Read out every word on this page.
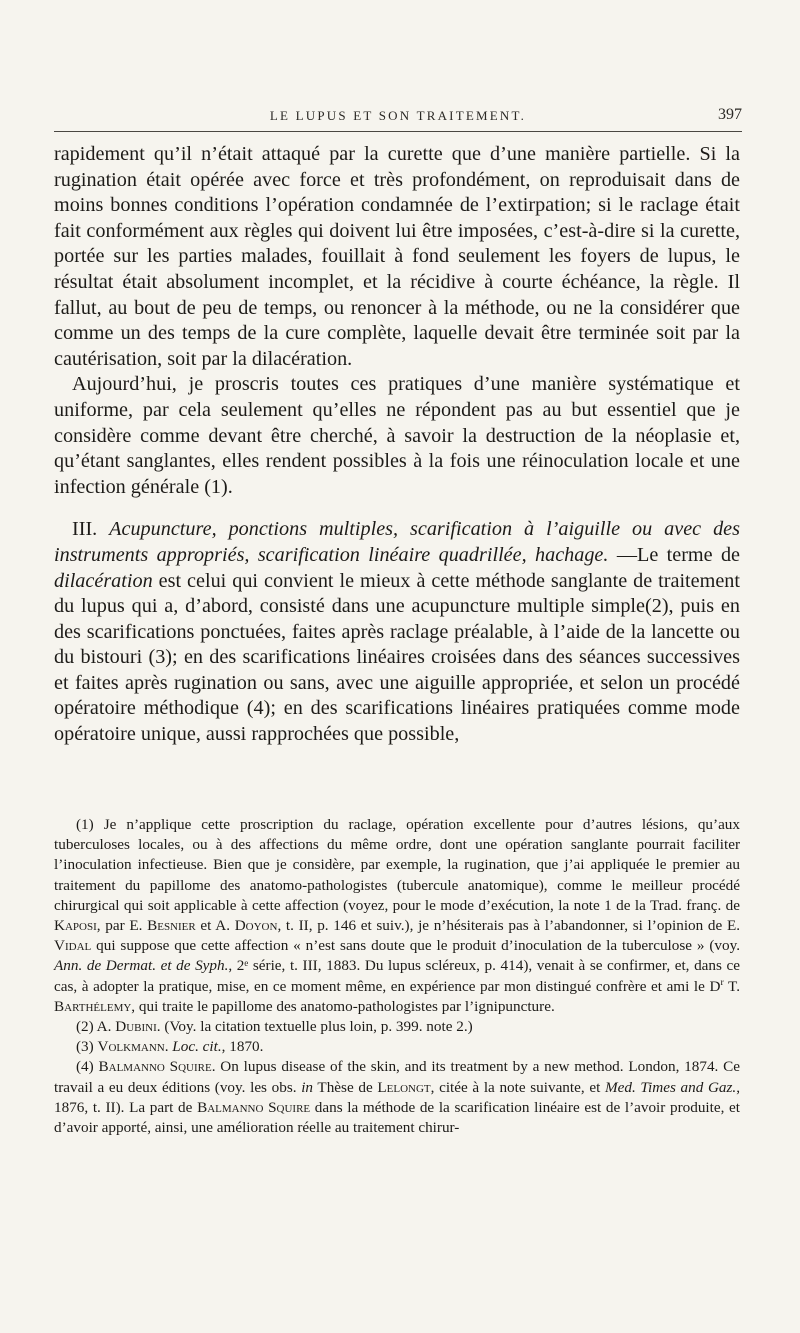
LE LUPUS ET SON TRAITEMENT.	397

rapidement qu’il n’était attaqué par la curette que d’une manière partielle. Si la rugination était opérée avec force et très profondément, on reproduisait dans de moins bonnes conditions l’opération condamnée de l’extirpation; si le raclage était fait conformément aux règles qui doivent lui être imposées, c’est-à-dire si la curette, portée sur les parties malades, fouillait à fond seulement les foyers de lupus, le résultat était absolument incomplet, et la récidive à courte échéance, la règle. Il fallut, au bout de peu de temps, ou renoncer à la méthode, ou ne la considérer que comme un des temps de la cure complète, laquelle devait être terminée soit par la cautérisation, soit par la dilacération.

Aujourd’hui, je proscris toutes ces pratiques d’une manière systématique et uniforme, par cela seulement qu’elles ne répondent pas au but essentiel que je considère comme devant être cherché, à savoir la destruction de la néoplasie et, qu’étant sanglantes, elles rendent possibles à la fois une réinoculation locale et une infection générale (1).

III. Acupuncture, ponctions multiples, scarification à l’aiguille ou avec des instruments appropriés, scarification linéaire quadrillée, hachage. —Le terme de dilacération est celui qui convient le mieux à cette méthode sanglante de traitement du lupus qui a, d’abord, consisté dans une acupuncture multiple simple(2), puis en des scarifications ponctuées, faites après raclage préalable, à l’aide de la lancette ou du bistouri (3); en des scarifications linéaires croisées dans des séances successives et faites après rugination ou sans, avec une aiguille appropriée, et selon un procédé opératoire méthodique (4); en des scarifications linéaires pratiquées comme mode opératoire unique, aussi rapprochées que possible,

(1) Je n’applique cette proscription du raclage, opération excellente pour d’autres lésions, qu’aux tuberculoses locales, ou à des affections du même ordre, dont une opération sanglante pourrait faciliter l’inoculation infectieuse. Bien que je considère, par exemple, la rugination, que j’ai appliquée le premier au traitement du papillome des anatomo-pathologistes (tubercule anatomique), comme le meilleur procédé chirurgical qui soit applicable à cette affection (voyez, pour le mode d’exécution, la note 1 de la Trad. franç. de Kaposi, par E. Besnier et A. Doyon, t. II, p. 146 et suiv.), je n’hésiterais pas à l’abandonner, si l’opinion de E. Vidal qui suppose que cette affection « n’est sans doute que le produit d’inoculation de la tuberculose » (voy. Ann. de Dermat. et de Syph., 2ᵉ série, t. III, 1883. Du lupus scléreux, p. 414), venait à se confirmer, et, dans ce cas, à adopter la pratique, mise, en ce moment même, en expérience par mon distingué confrère et ami le $D^r$ T. Barthélemy, qui traite le papillome des anatomo-pathologistes par l’ignipuncture.

(2) A. Dubini. (Voy. la citation textuelle plus loin, p. 399. note 2.)

(3) Volkmann. Loc. cit., 1870.

(4) Balmanno Squire. On lupus disease of the skin, and its treatment by a new method. London, 1874. Ce travail a eu deux éditions (voy. les obs. in Thèse de Lelongt, citée à la note suivante, et Med. Times and Gaz., 1876, t. II). La part de Balmanno Squire dans la méthode de la scarification linéaire est de l’avoir produite, et d’avoir apporté, ainsi, une amélioration réelle au traitement chirur-
